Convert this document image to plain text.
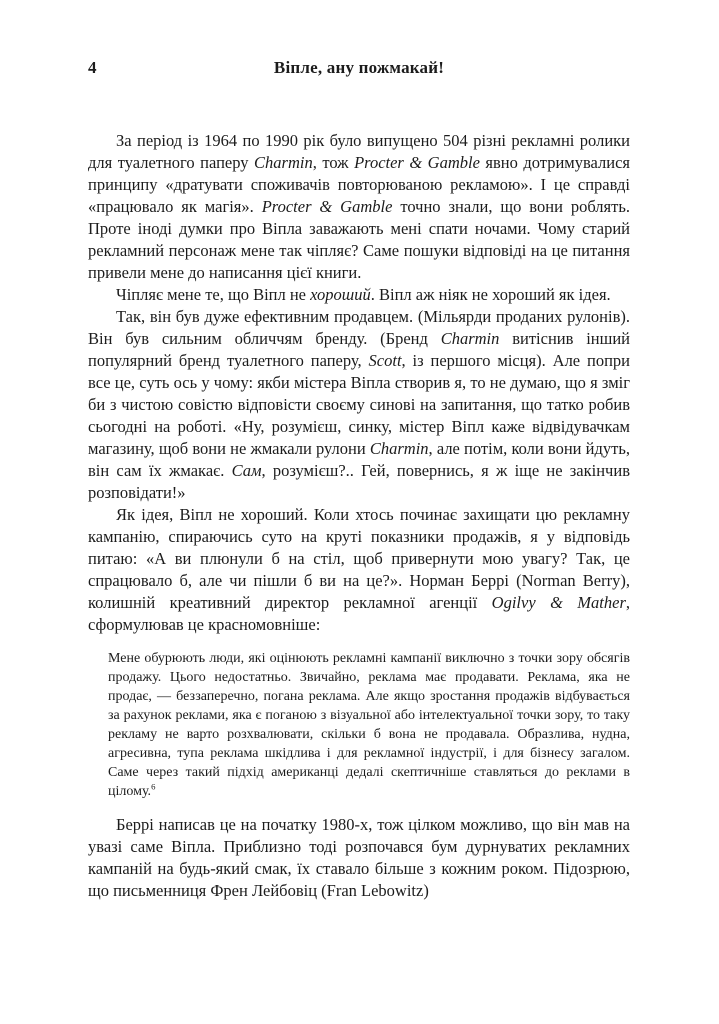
4	Віпле, ану пожмакай!

За період із 1964 по 1990 рік було випущено 504 різні рекламні ролики для туалетного паперу Charmin, тож Procter & Gamble явно дотримувалися принципу «дратувати споживачів повторюваною рекламою». І це справді «працювало як магія». Procter & Gamble точно знали, що вони роблять. Проте іноді думки про Віпла заважають мені спати ночами. Чому старий рекламний персонаж мене так чіпляє? Саме пошуки відповіді на це питання привели мене до написання цієї книги.

Чіпляє мене те, що Віпл не хороший. Віпл аж ніяк не хороший як ідея.

Так, він був дуже ефективним продавцем. (Мільярди проданих рулонів). Він був сильним обличчям бренду. (Бренд Charmin витіснив інший популярний бренд туалетного паперу, Scott, із першого місця). Але попри все це, суть ось у чому: якби містера Віпла створив я, то не думаю, що я зміг би з чистою совістю відповісти своєму синові на запитання, що татко робив сьогодні на роботі. «Ну, розумієш, синку, містер Віпл каже відвідувачкам магазину, щоб вони не жмакали рулони Charmin, але потім, коли вони йдуть, він сам їх жмакає. Сам, розумієш?.. Гей, повернись, я ж іще не закінчив розповідати!»

Як ідея, Віпл не хороший. Коли хтось починає захищати цю рекламну кампанію, спираючись суто на круті показники продажів, я у відповідь питаю: «А ви плюнули б на стіл, щоб привернути мою увагу? Так, це спрацювало б, але чи пішли б ви на це?». Норман Беррі (Norman Berry), колишній креативний директор рекламної агенції Ogilvy & Mather, сформулював це красномовніше:

Мене обурюють люди, які оцінюють рекламні кампанії виключно з точки зору обсягів продажу. Цього недостатньо. Звичайно, реклама має продавати. Реклама, яка не продає, — беззаперечно, погана реклама. Але якщо зростання продажів відбувається за рахунок реклами, яка є поганою з візуальної або інтелектуальної точки зору, то таку рекламу не варто розхвалювати, скільки б вона не продавала. Образлива, нудна, агресивна, тупа реклама шкідлива і для рекламної індустрії, і для бізнесу загалом. Саме через такий підхід американці дедалі скептичніше ставляться до реклами в цілому.$^6$

Беррі написав це на початку 1980-х, тож цілком можливо, що він мав на увазі саме Віпла. Приблизно тоді розпочався бум дурнуватих рекламних кампаній на будь-який смак, їх ставало більше з кожним роком. Підозрюю, що письменниця Френ Лейбовіц (Fran Lebowitz)
